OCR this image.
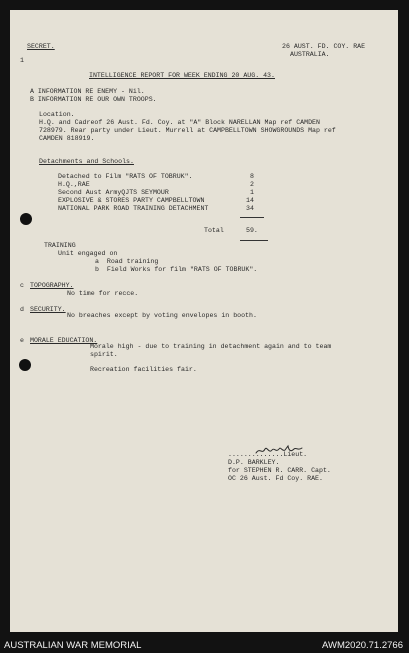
SECRET.	26 AUST. FD. COY. RAE
AUSTRALIA.
1
INTELLIGENCE REPORT FOR WEEK ENDING 20 AUG. 43.
A INFORMATION RE ENEMY - Nil.
B INFORMATION RE OUR OWN TROOPS.
Location.
H.Q. and Cadreof 26 Aust. Fd. Coy. at "A" Block NARELLAN Map ref CAMDEN
728979. Rear party under Lieut. Murrell at CAMPBELLTOWN SHOWGROUNDS Map ref
CAMDEN 818919.
Detachments and Schools.
Detached to Film "RATS OF TOBRUK".	8
H.Q.,RAE	2
Second Aust ArmyQJTS SEYMOUR	1
EXPLOSIVE & STORES PARTY CAMPBELLTOWN	14
NATIONAL PARK ROAD TRAINING DETACHMENT	34
Total	59.
TRAINING
Unit engaged on
a  Road training
b  Field Works for film "RATS OF TOBRUK".
c TOPOGRAPHY.
No time for recce.
d SECURITY.
No breaches except by voting envelopes in booth.
e MORALE EDUCATION.
Morale high - due to training in detachment again and to team
spirit.
Recreation facilities fair.
..............Lieut.
D.P. BARKLEY.
for STEPHEN R. CARR. Capt.
OC 26 Aust. Fd Coy. RAE.
AUSTRALIAN WAR MEMORIAL	AWM2020.71.2766
